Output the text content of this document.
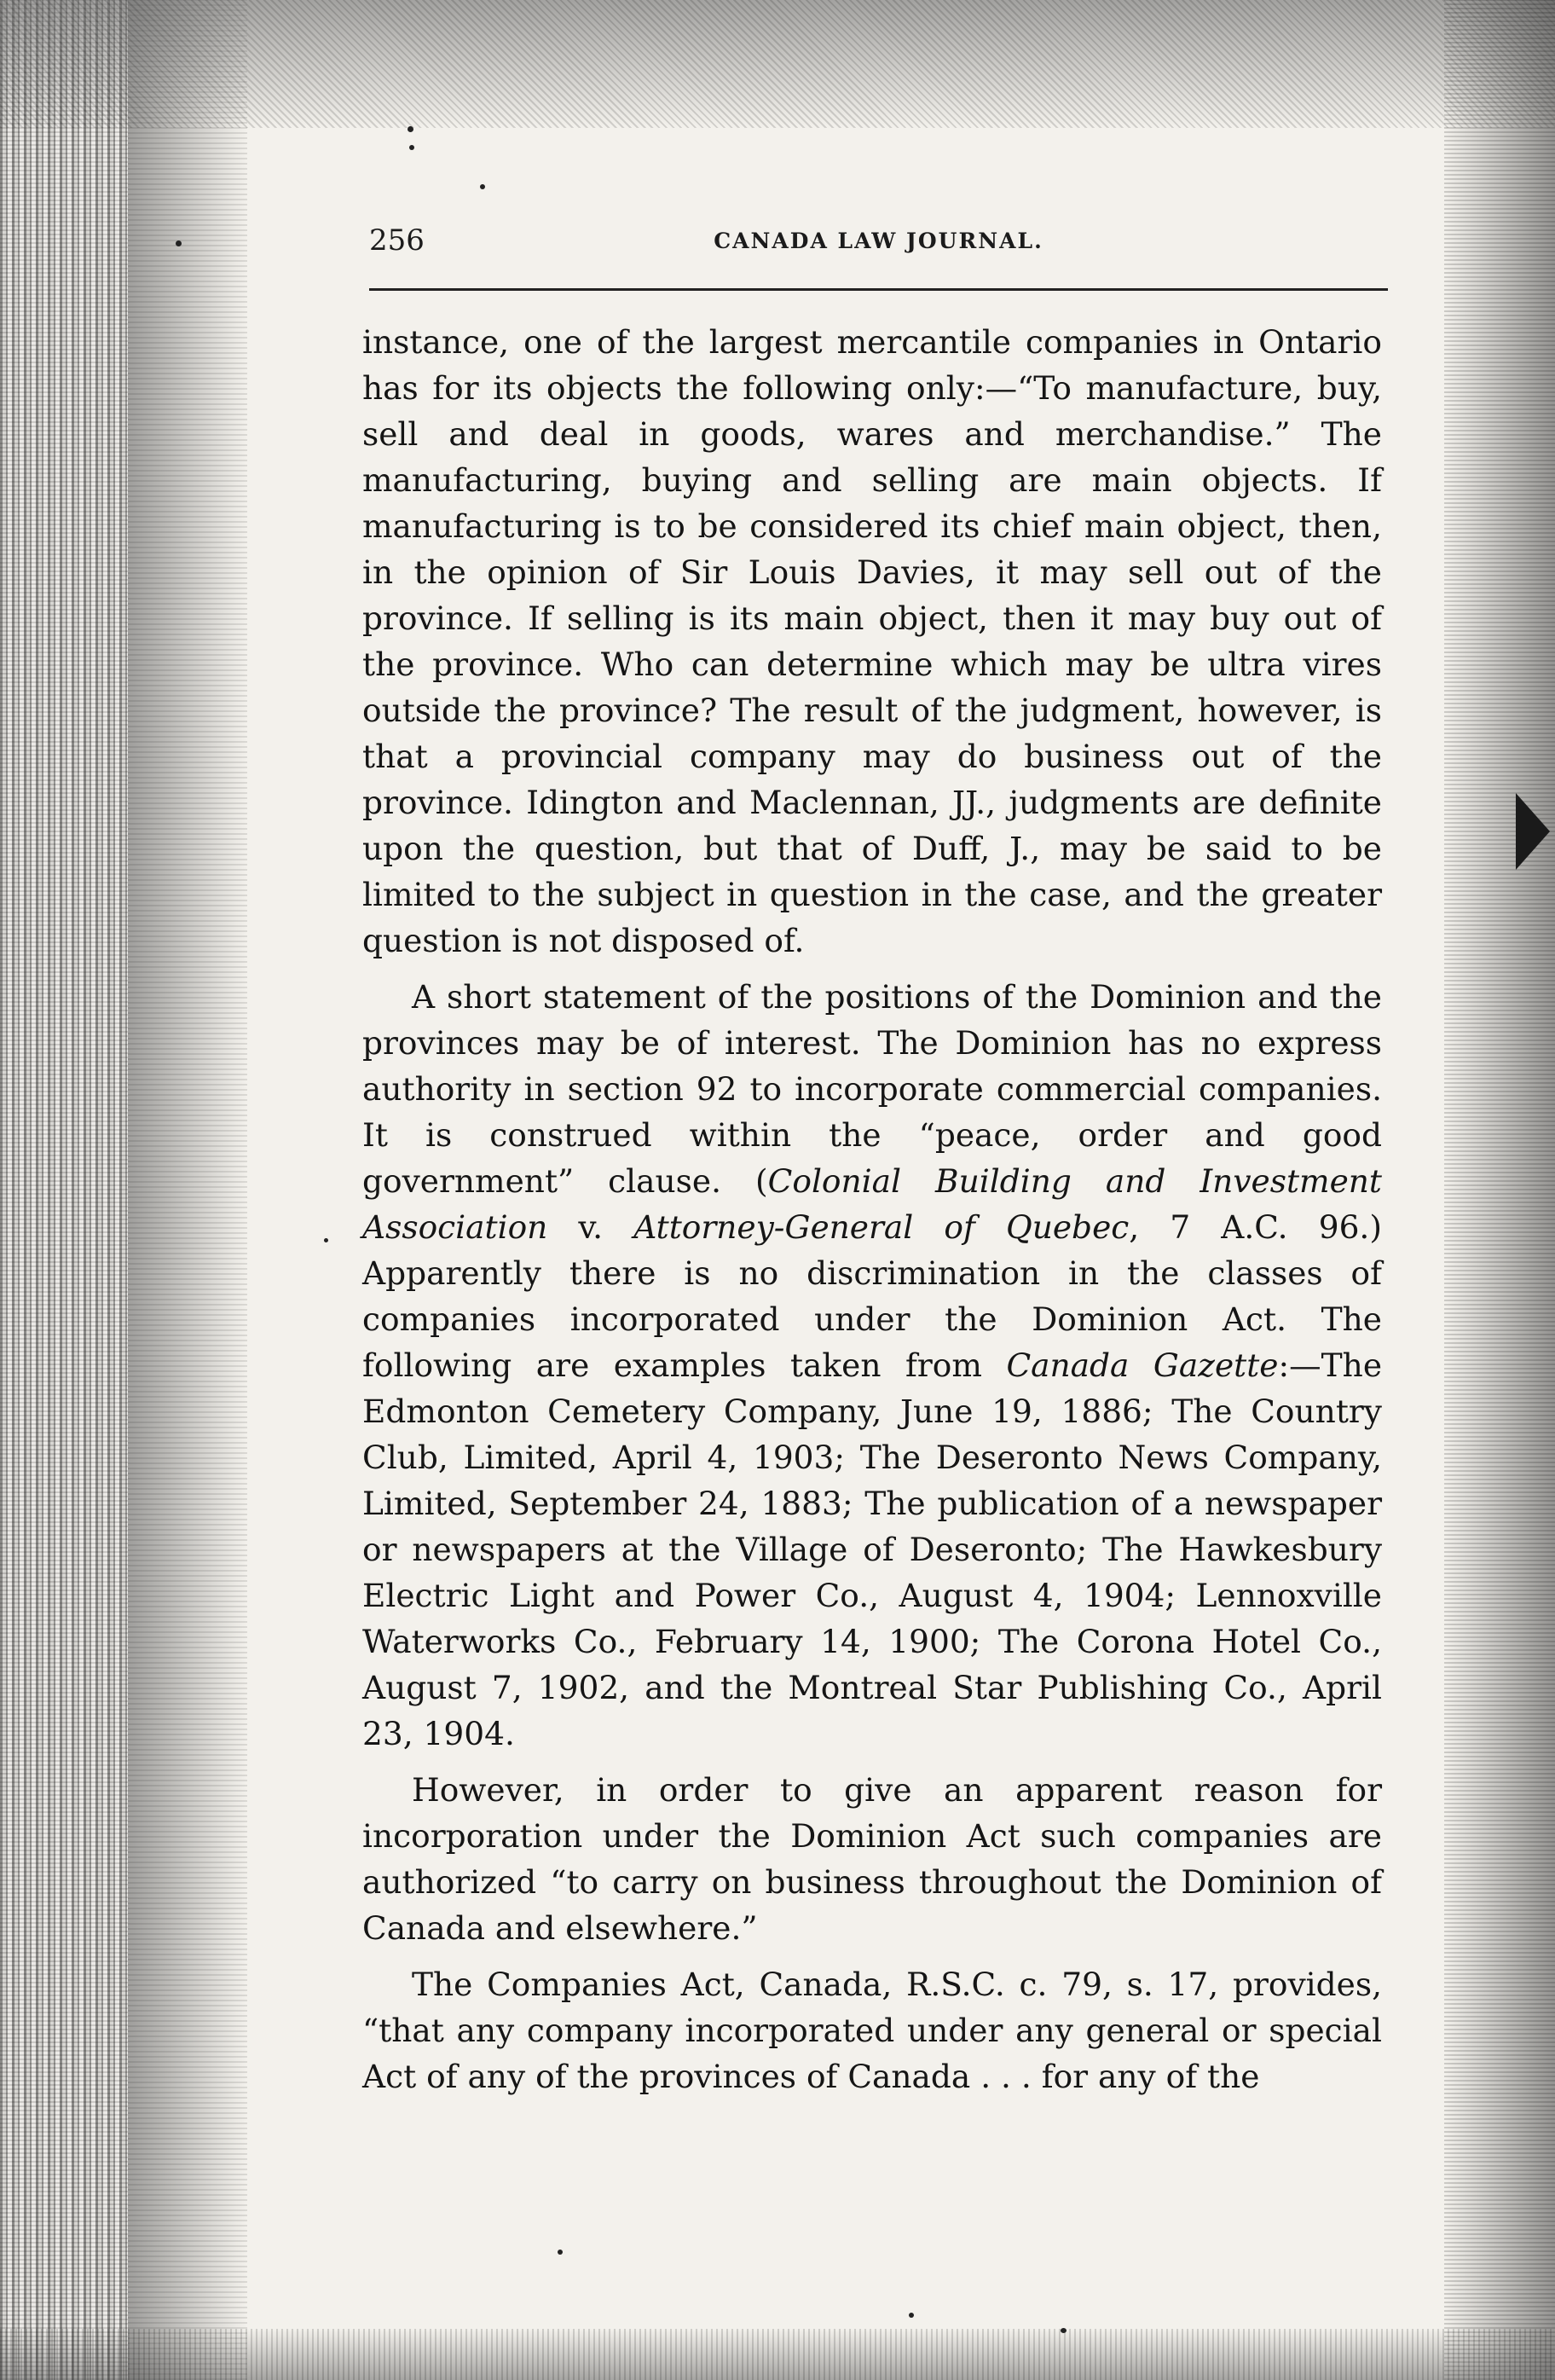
256	CANADA LAW JOURNAL.

instance, one of the largest mercantile companies in Ontario has for its objects the following only:—“To manufacture, buy, sell and deal in goods, wares and merchandise.” The manufacturing, buying and selling are main objects. If manufacturing is to be considered its chief main object, then, in the opinion of Sir Louis Davies, it may sell out of the province. If selling is its main object, then it may buy out of the province. Who can determine which may be ultra vires outside the province? The result of the judgment, however, is that a provincial company may do business out of the province. Idington and Maclennan, JJ., judgments are definite upon the question, but that of Duff, J., may be said to be limited to the subject in question in the case, and the greater question is not disposed of.

A short statement of the positions of the Dominion and the provinces may be of interest. The Dominion has no express authority in section 92 to incorporate commercial companies. It is construed within the “peace, order and good government” clause. (Colonial Building and Investment Association v. Attorney-General of Quebec, 7 A.C. 96.) Apparently there is no discrimination in the classes of companies incorporated under the Dominion Act. The following are examples taken from Canada Gazette:—The Edmonton Cemetery Company, June 19, 1886; The Country Club, Limited, April 4, 1903; The Deseronto News Company, Limited, September 24, 1883; The publication of a newspaper or newspapers at the Village of Deseronto; The Hawkesbury Electric Light and Power Co., August 4, 1904; Lennoxville Waterworks Co., February 14, 1900; The Corona Hotel Co., August 7, 1902, and the Montreal Star Publishing Co., April 23, 1904.

However, in order to give an apparent reason for incorporation under the Dominion Act such companies are authorized “to carry on business throughout the Dominion of Canada and elsewhere.”

The Companies Act, Canada, R.S.C. c. 79, s. 17, provides, “that any company incorporated under any general or special Act of any of the provinces of Canada . . . for any of the
